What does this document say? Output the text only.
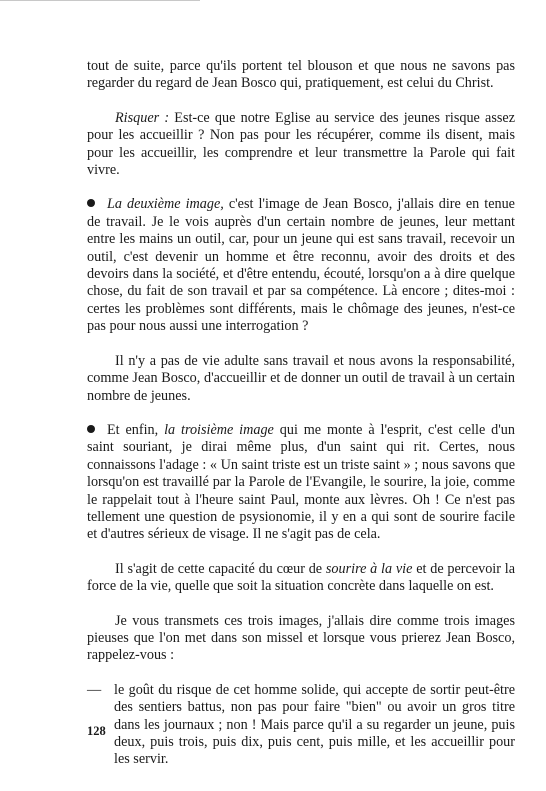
tout de suite, parce qu'ils portent tel blouson et que nous ne savons pas regarder du regard de Jean Bosco qui, pratiquement, est celui du Christ.

Risquer : Est-ce que notre Eglise au service des jeunes risque assez pour les accueillir ? Non pas pour les récupérer, comme ils disent, mais pour les accueillir, les comprendre et leur transmettre la Parole qui fait vivre.

La deuxième image, c'est l'image de Jean Bosco, j'allais dire en tenue de travail. Je le vois auprès d'un certain nombre de jeunes, leur mettant entre les mains un outil, car, pour un jeune qui est sans travail, recevoir un outil, c'est devenir un homme et être reconnu, avoir des droits et des devoirs dans la société, et d'être entendu, écouté, lorsqu'on a à dire quelque chose, du fait de son travail et par sa compétence. Là encore ; dites-moi : certes les problèmes sont différents, mais le chômage des jeunes, n'est-ce pas pour nous aussi une interrogation ?

Il n'y a pas de vie adulte sans travail et nous avons la responsabilité, comme Jean Bosco, d'accueillir et de donner un outil de travail à un certain nombre de jeunes.

Et enfin, la troisième image qui me monte à l'esprit, c'est celle d'un saint souriant, je dirai même plus, d'un saint qui rit. Certes, nous connaissons l'adage : « Un saint triste est un triste saint » ; nous savons que lorsqu'on est travaillé par la Parole de l'Evangile, le sourire, la joie, comme le rappelait tout à l'heure saint Paul, monte aux lèvres. Oh ! Ce n'est pas tellement une question de psysionomie, il y en a qui sont de sourire facile et d'autres sérieux de visage. Il ne s'agit pas de cela.

Il s'agit de cette capacité du cœur de sourire à la vie et de percevoir la force de la vie, quelle que soit la situation concrète dans laquelle on est.

Je vous transmets ces trois images, j'allais dire comme trois images pieuses que l'on met dans son missel et lorsque vous prierez Jean Bosco, rappelez-vous :

— le goût du risque de cet homme solide, qui accepte de sortir peut-être des sentiers battus, non pas pour faire "bien" ou avoir un gros titre dans les journaux ; non ! Mais parce qu'il a su regarder un jeune, puis deux, puis trois, puis dix, puis cent, puis mille, et les accueillir pour les servir.

128
